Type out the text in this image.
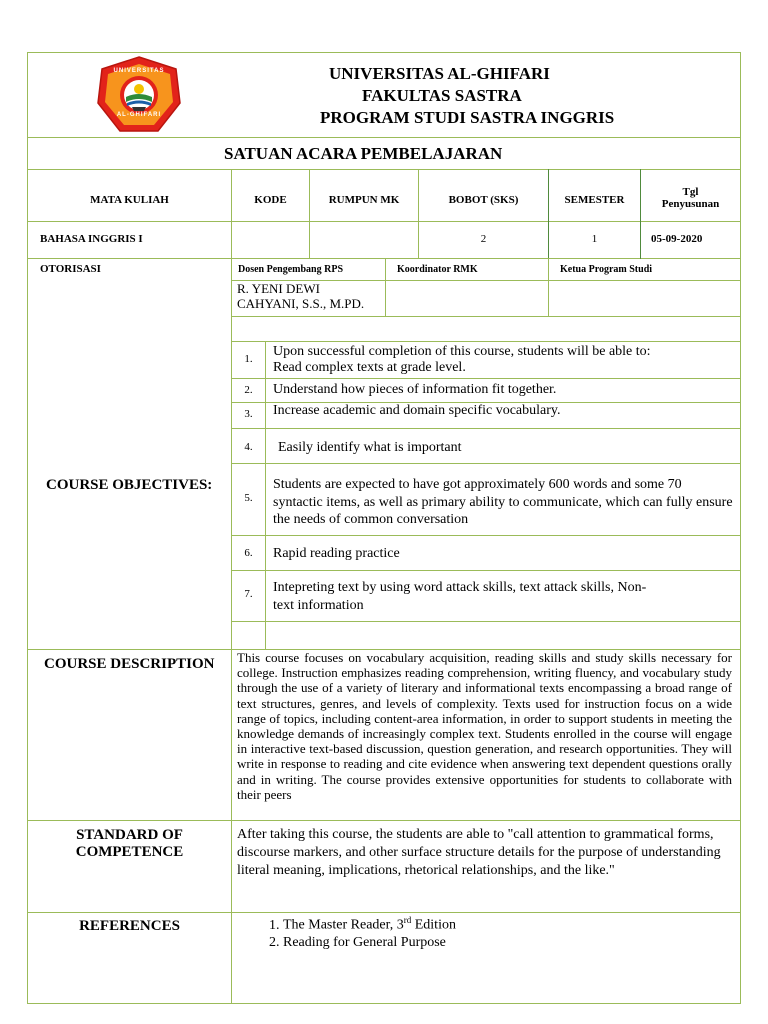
UNIVERSITAS
AL-GHIFARI
UNIVERSITAS AL-GHIFARI
FAKULTAS SASTRA
PROGRAM STUDI SASTRA INGGRIS
SATUAN ACARA PEMBELAJARAN
MATA KULIAH	KODE	RUMPUN MK	BOBOT (SKS)	SEMESTER
Tgl
Penyusunan
BAHASA INGGRIS I	2	1	05-09-2020
OTORISASI	Dosen Pengembang RPS	Koordinator RMK	Ketua Program Studi
R. YENI DEWI
CAHYANI, S.S., M.PD.
COURSE OBJECTIVES:
1.	Upon successful completion of this course, students will be able to:
Read complex texts at grade level.
2.	Understand how pieces of information fit together.
3.	Increase academic and domain specific vocabulary.
4.	Easily identify what is important
5.
Students are expected to have got approximately 600 words and some 70 syntactic items, as well as primary ability to communicate, which can fully ensure the needs of common conversation
6.	Rapid reading practice
7.	Intepreting text by using word attack skills, text attack skills, Non-
text information
COURSE DESCRIPTION This course focuses on vocabulary acquisition, reading skills and study skills necessary for college. Instruction emphasizes reading comprehension, writing fluency, and vocabulary study through the use of a variety of literary and informational texts encompassing a broad range of text structures, genres, and levels of complexity. Texts used for instruction focus on a wide range of topics, including content-area information, in order to support students in meeting the knowledge demands of increasingly complex text. Students enrolled in the course will engage in interactive text-based discussion, question generation, and research opportunities. They will write in response to reading and cite evidence when answering text dependent questions orally and in writing. The course provides extensive opportunities for students to collaborate with their peers
STANDARD OF
COMPETENCE
After taking this course, the students are able to "call attention to grammatical forms, discourse markers, and other surface structure details for the purpose of understanding literal meaning, implications, rhetorical relationships, and the like."
REFERENCES
1.	The Master Reader, 3rd Edition
2. Reading for General Purpose
